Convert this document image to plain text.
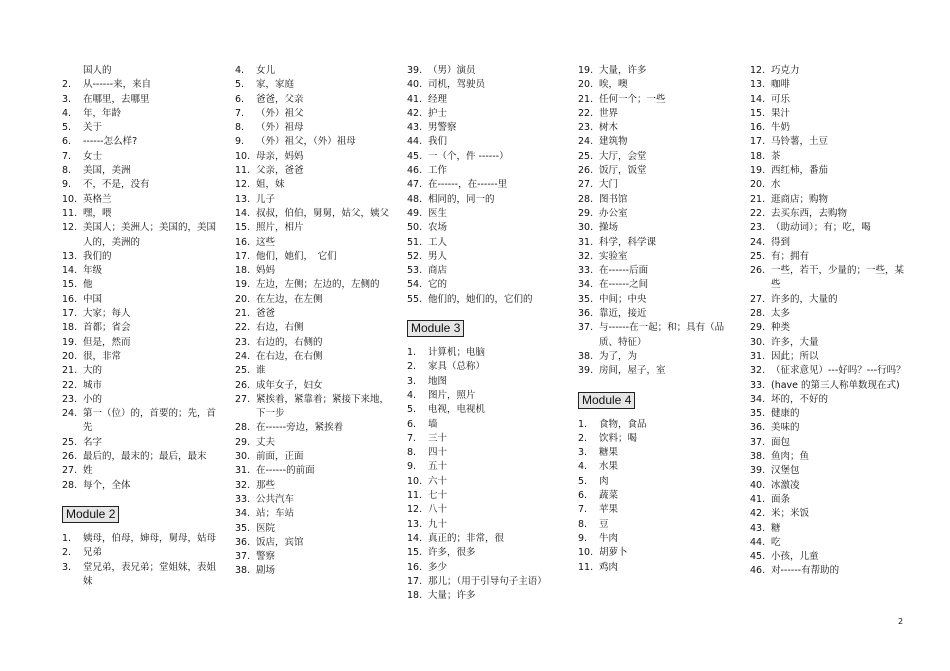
国人的
2.	从------来，来自
3.	在哪里，去哪里
4.	年，年龄
5.	关于
6.	------怎么样?
7.	女士
8.	美国，美洲
9.	不，不是，没有
10. 英格兰
11. 嘿，喂
12. 美国人；美洲人；美国的，美国人的，美洲的
13. 我们的
14. 年级
15. 他
16. 中国
17. 大家；每人
18. 首都；省会
19. 但是，然而
20. 很，非常
21. 大的
22. 城市
23. 小的
24. 第一（位）的，首要的；先，首先
25. 名字
26. 最后的，最末的；最后，最末
27. 姓
28. 每个，全体
Module 2
1.	姨母，伯母，婶母，舅母，姑母
2.	兄弟
3.	堂兄弟，表兄弟；堂姐妹，表姐妹
4.	女儿
5.	家，家庭
6.	爸爸，父亲
7.	（外）祖父
8.	（外）祖母
9.	（外）祖父，（外）祖母
10. 母亲，妈妈
11. 父亲，爸爸
12. 姐，妹
13. 儿子
14. 叔叔，伯伯，舅舅，姑父，姨父
15. 照片，相片
16. 这些
17. 他们，她们，　它们
18. 妈妈
19. 左边，左侧；左边的，左侧的
20. 在左边，在左侧
21. 爸爸
22. 右边，右侧
23. 右边的，右侧的
24. 在右边，在右侧
25. 谁
26. 成年女子，妇女
27. 紧挨着，紧靠着；紧接下来地，下一步
28. 在------旁边，紧挨着
29. 丈夫
30. 前面，正面
31. 在------的前面
32. 那些
33. 公共汽车
34. 站；车站
35. 医院
36. 饭店，宾馆
37. 警察
38. 剧场
39. （男）演员
40. 司机，驾驶员
41. 经理
42. 护士
43. 男警察
44. 我们
45. 一（个，件 ------）
46. 工作
47. 在------，在------里
48. 相同的，同一的
49. 医生
50. 农场
51. 工人
52. 男人
53. 商店
54. 它的
55. 他们的，她们的，它们的
Module 3
1.	计算机；电脑
2.	家具（总称）
3.	地图
4.	图片，照片
5.	电视，电视机
6.	墙
7.	三十
8.	四十
9.	五十
10. 六十
11. 七十
12. 八十
13. 九十
14. 真正的；非常，很
15. 许多，很多
16. 多少
17. 那儿；（用于引导句子主语）
18. 大量；许多
19. 大量，许多
20. 唉，噢
21. 任何一个；一些
22. 世界
23. 树木
24. 建筑物
25. 大厅，会堂
26. 饭厅，饭堂
27. 大门
28. 图书馆
29. 办公室
30. 操场
31. 科学，科学课
32. 实验室
33. 在------后面
34. 在------之间
35. 中间；中央
36. 靠近，接近
37. 与------在一起；和；具有（品质、特征）
38. 为了，为
39. 房间，屋子，室
Module 4
1.	食物，食品
2.	饮料；喝
3.	糖果
4.	水果
5.	肉
6.	蔬菜
7.	苹果
8.	豆
9.	牛肉
10. 胡萝卜
11. 鸡肉
12. 巧克力
13. 咖啡
14. 可乐
15. 果汁
16. 牛奶
17. 马铃薯，土豆
18. 茶
19. 西红柿，番茄
20. 水
21. 逛商店；购物
22. 去买东西，去购物
23. （助动词）；有；吃，喝
24. 得到
25. 有；拥有
26. 一些，若干，少量的；一些，某些
27. 许多的，大量的
28. 太多
29. 种类
30. 许多，大量
31. 因此；所以
32. （征求意见）---好吗？---行吗？
33. (have 的第三人称单数现在式)
34. 坏的，不好的
35. 健康的
36. 美味的
37. 面包
38. 鱼肉；鱼
39. 汉堡包
40. 冰激凌
41. 面条
42. 米；米饭
43. 糖
44. 吃
45. 小孩，儿童
46. 对------有帮助的
2
